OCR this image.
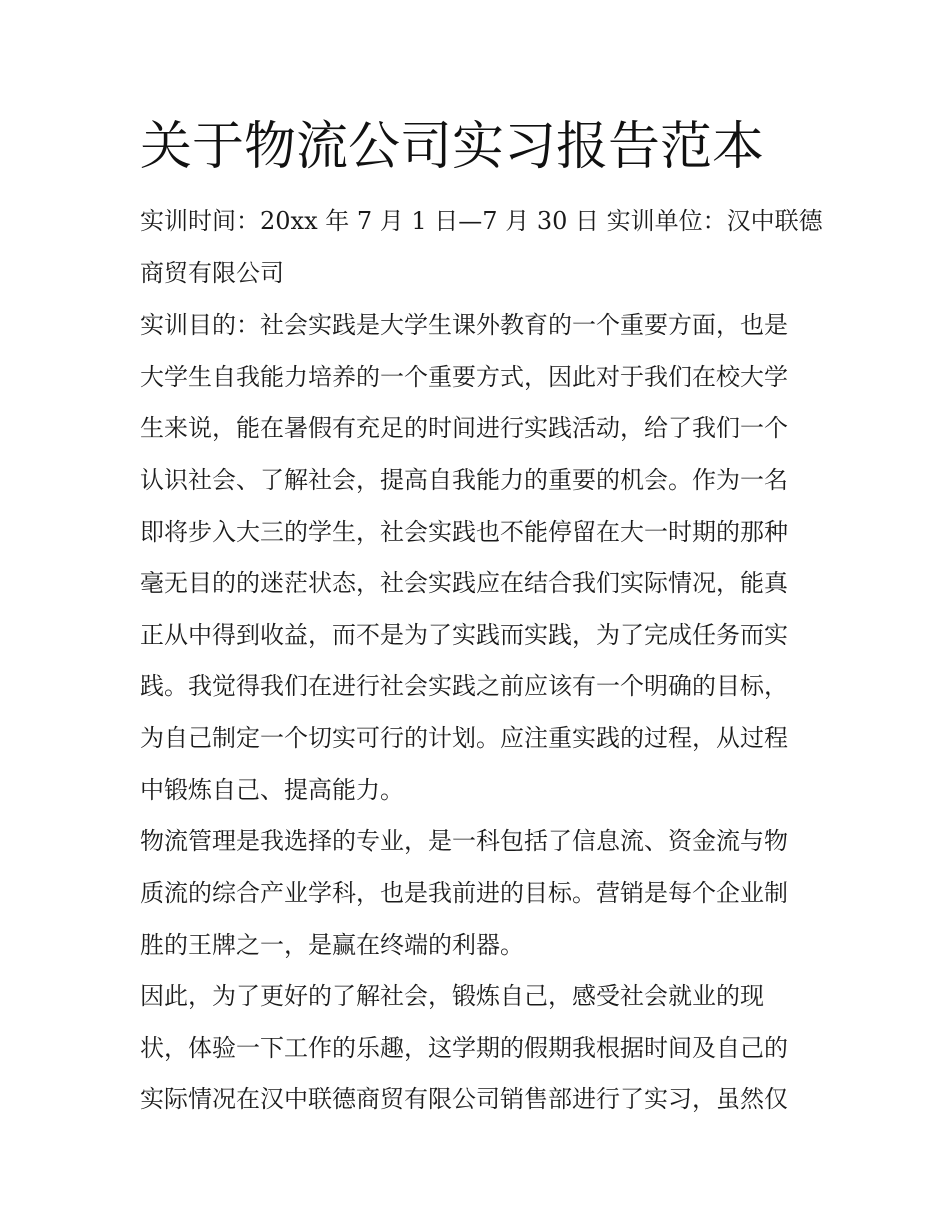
关于物流公司实习报告范本

实训时间：20xx 年 7 月 1 日—7 月 30 日 实训单位：汉中联德

商贸有限公司

实训目的：社会实践是大学生课外教育的一个重要方面，也是

大学生自我能力培养的一个重要方式，因此对于我们在校大学

生来说，能在暑假有充足的时间进行实践活动，给了我们一个

认识社会、了解社会，提高自我能力的重要的机会。作为一名

即将步入大三的学生，社会实践也不能停留在大一时期的那种

毫无目的的迷茫状态，社会实践应在结合我们实际情况，能真

正从中得到收益，而不是为了实践而实践，为了完成任务而实

践。我觉得我们在进行社会实践之前应该有一个明确的目标，

为自己制定一个切实可行的计划。应注重实践的过程，从过程

中锻炼自己、提高能力。

物流管理是我选择的专业，是一科包括了信息流、资金流与物

质流的综合产业学科，也是我前进的目标。营销是每个企业制

胜的王牌之一，是赢在终端的利器。

因此，为了更好的了解社会，锻炼自己，感受社会就业的现

状，体验一下工作的乐趣，这学期的假期我根据时间及自己的

实际情况在汉中联德商贸有限公司销售部进行了实习，虽然仅
